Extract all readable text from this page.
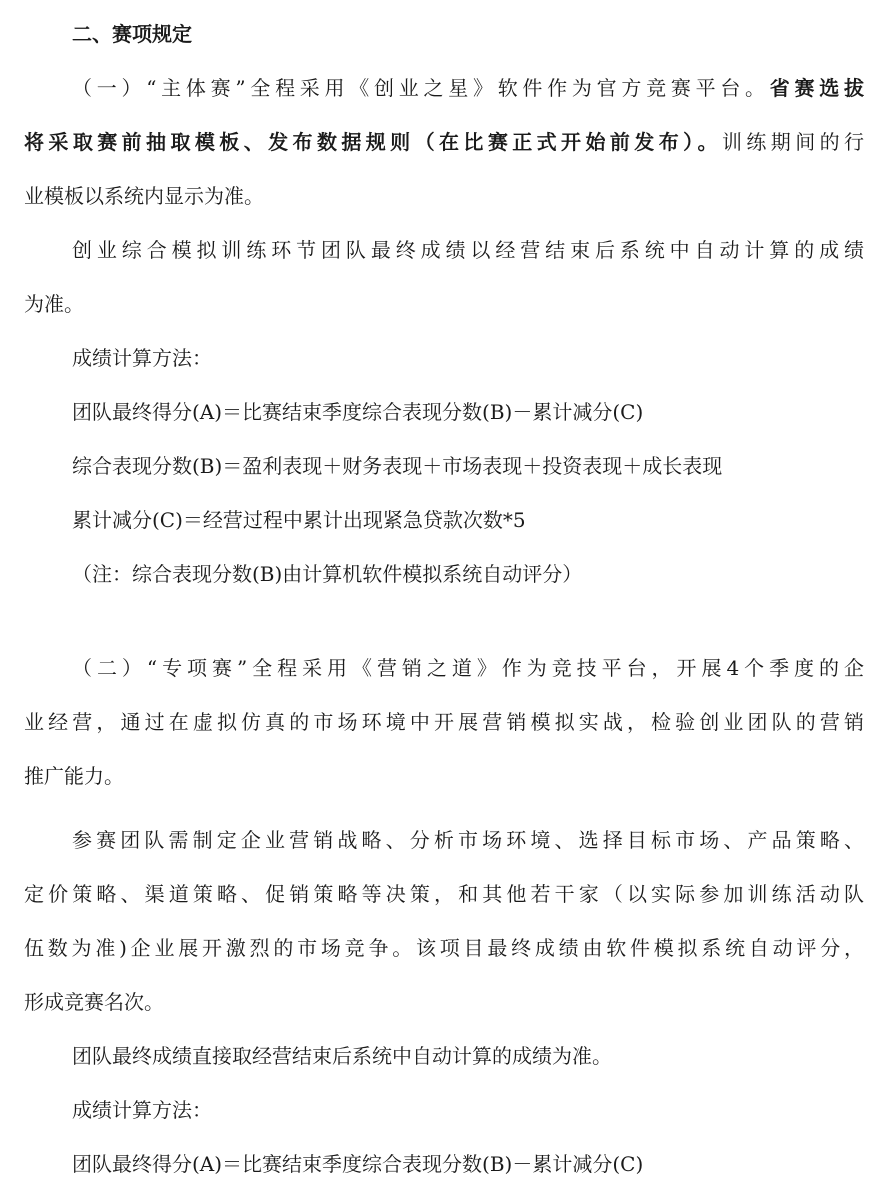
二、赛项规定
（一）“主体赛”全程采用《创业之星》软件作为官方竞赛平台。省赛选拔
将采取赛前抽取模板、发布数据规则（在比赛正式开始前发布）。训练期间的行
业模板以系统内显示为准。
创业综合模拟训练环节团队最终成绩以经营结束后系统中自动计算的成绩
为准。
成绩计算方法：
团队最终得分(A)＝比赛结束季度综合表现分数(B)－累计减分(C)
综合表现分数(B)＝盈利表现＋财务表现＋市场表现＋投资表现＋成长表现
累计减分(C)＝经营过程中累计出现紧急贷款次数*5
（注：综合表现分数(B)由计算机软件模拟系统自动评分）
（二）“专项赛”全程采用《营销之道》作为竞技平台，开展4个季度的企
业经营，通过在虚拟仿真的市场环境中开展营销模拟实战，检验创业团队的营销
推广能力。
参赛团队需制定企业营销战略、分析市场环境、选择目标市场、产品策略、
定价策略、渠道策略、促销策略等决策，和其他若干家（以实际参加训练活动队
伍数为准)企业展开激烈的市场竞争。该项目最终成绩由软件模拟系统自动评分，
形成竞赛名次。
团队最终成绩直接取经营结束后系统中自动计算的成绩为准。
成绩计算方法：
团队最终得分(A)＝比赛结束季度综合表现分数(B)－累计减分(C)
